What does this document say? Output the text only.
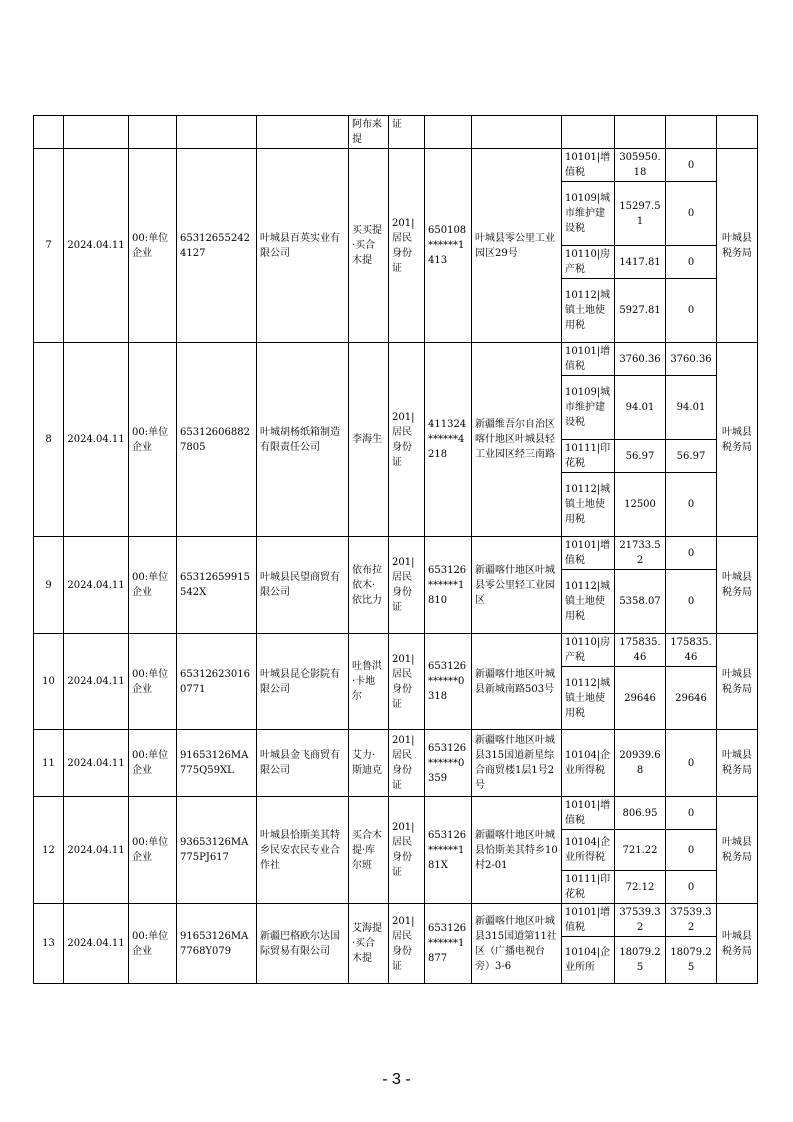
					阿布来提	证						
7	2024.04.11	00:单位企业	653126552424127	叶城县百英实业有限公司	买买提·买合木提	201|居民身份证	650108******1413	叶城县零公里工业园区29号	10101|增值税	305950.18	0	叶城县税务局
									10109|城市维护建设税	15297.51	0	
									10110|房产税	1417.81	0	
									10112|城镇土地使用税	5927.81	0	
8	2024.04.11	00:单位企业	653126068827805	叶城胡杨纸箱制造有限责任公司	李海生	201|居民身份证	411324******4218	新疆维吾尔自治区喀什地区叶城县轻工业园区经三南路	10101|增值税	3760.36	3760.36	叶城县税务局
									10109|城市维护建设税	94.01	94.01	
									10111|印花税	56.97	56.97	
									10112|城镇土地使用税	12500	0	
9	2024.04.11	00:单位企业	65312659915542X	叶城县民望商贸有限公司	依布拉依木·依比力	201|居民身份证	653126******1810	新疆喀什地区叶城县零公里轻工业园区	10101|增值税	21733.52	0	叶城县税务局
									10112|城镇土地使用税	5358.07	0	
10	2024.04.11	00:单位企业	653126230160771	叶城县昆仑影院有限公司	吐鲁洪·卡地尔	201|居民身份证	653126******0318	新疆喀什地区叶城县新城南路503号	10110|房产税	175835.46	175835.46	叶城县税务局
									10112|城镇土地使用税	29646	29646	
11	2024.04.11	00:单位企业	91653126MA775Q59XL	叶城县金飞商贸有限公司	艾力·斯迪克	201|居民身份证	653126******0359	新疆喀什地区叶城县315国道新星综合商贸楼1层1号2号	10104|企业所得税	20939.68	0	叶城县税务局
12	2024.04.11	00:单位企业	93653126MA775PJ617	叶城县恰斯美其特乡民安农民专业合作社	买合木提·库尔班	201|居民身份证	653126******181X	新疆喀什地区叶城县恰斯美其特乡10村2-01	10101|增值税	806.95	0	叶城县税务局
									10104|企业所得税	721.22	0	
									10111|印花税	72.12	0	
13	2024.04.11	00:单位企业	91653126MA7768Y079	新疆巴格欧尔达国际贸易有限公司	艾海提·买合木提	201|居民身份证	653126******1877	新疆喀什地区叶城县315国道第11社区（广播电视台旁）3-6	10101|增值税	37539.32	37539.32	叶城县税务局
									10104|企业所所	18079.25	18079.25	
- 3 -
